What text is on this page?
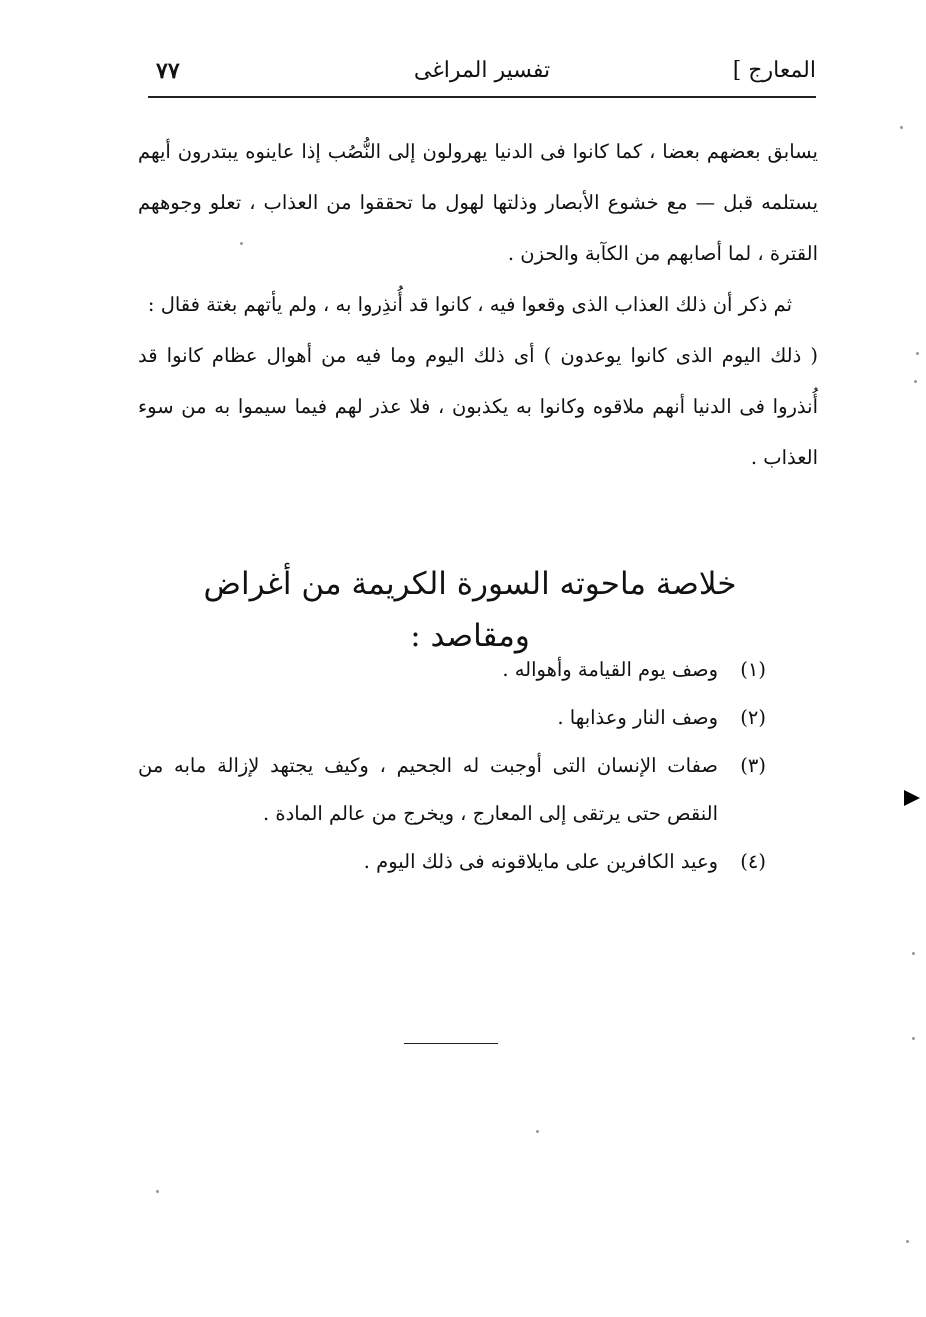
المعارج ]
تفسير المراغى
٧٧

يسابق بعضهم بعضا ، كما كانوا فى الدنيا يهرولون إلى النُّصُب إذا عاينوه يبتدرون أيهم يستلمه قبل — مع خشوع الأبصار وذلتها لهول ما تحققوا من العذاب ، تعلو وجوههم القترة ، لما أصابهم من الكآبة والحزن .

ثم ذكر أن ذلك العذاب الذى وقعوا فيه ، كانوا قد أُنذِروا به ، ولم يأتهم بغتة فقال :

( ذلك اليوم الذى كانوا يوعدون ) أى ذلك اليوم وما فيه من أهوال عظام كانوا قد أُنذروا فى الدنيا أنهم ملاقوه وكانوا به يكذبون ، فلا عذر لهم فيما سيموا به من سوء العذاب .

خلاصة ماحوته السورة الكريمة من أغراض ومقاصد :
(١)
وصف يوم القيامة وأهواله .
(٢)
وصف النار وعذابها .
(٣)
صفات الإنسان التى أوجبت له الجحيم ، وكيف يجتهد لإزالة مابه من النقص حتى يرتقى إلى المعارج ، ويخرج من عالم المادة .
(٤)
وعيد الكافرين على مايلاقونه فى ذلك اليوم .
